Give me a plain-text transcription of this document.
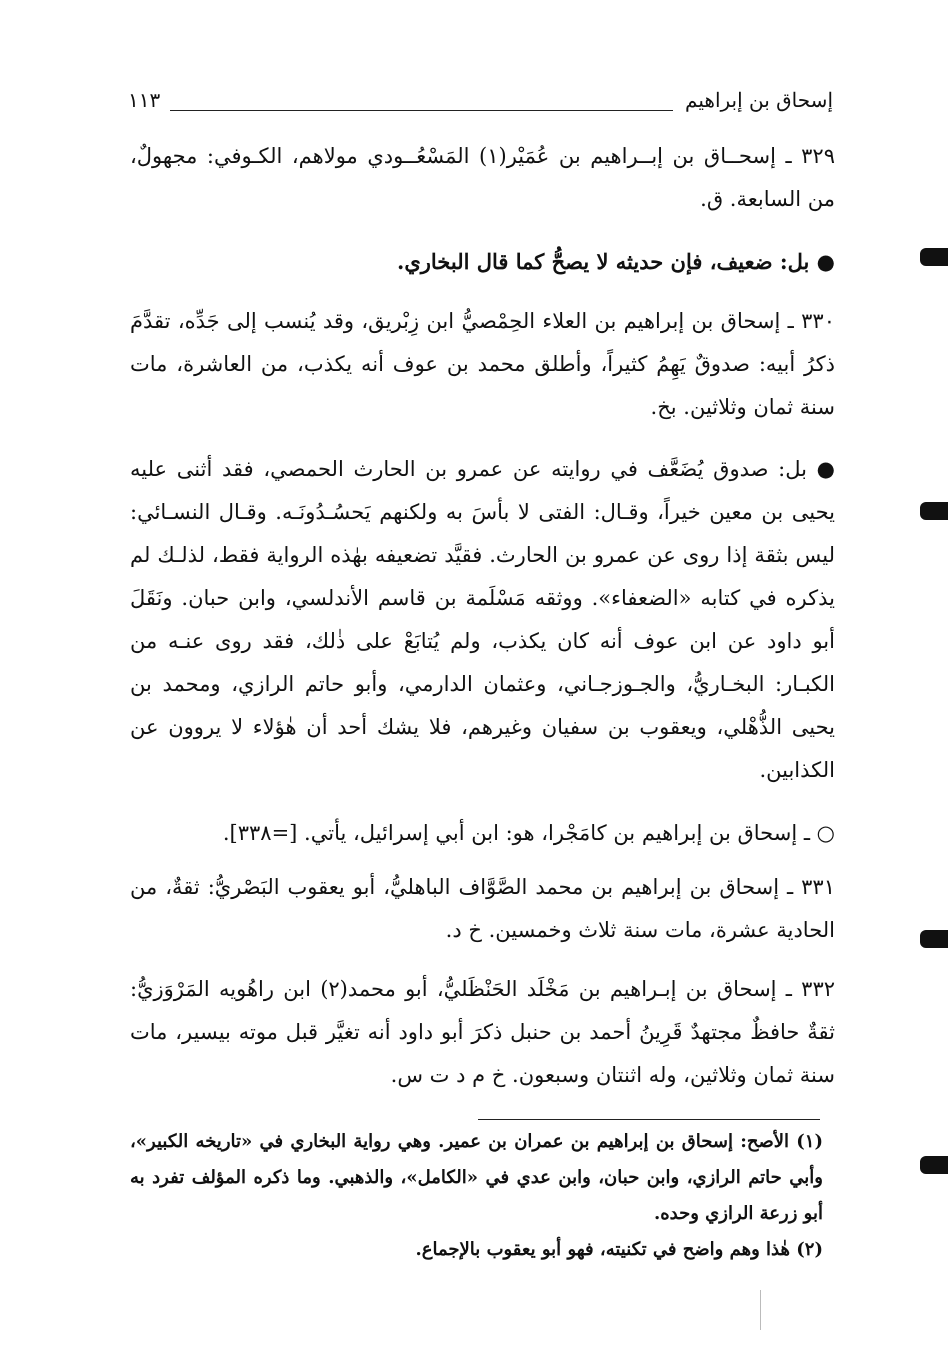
إسحاق بن إبراهيم
١١٣

٣٢٩ ـ إسحــاق بن إبــراهيم بن عُمَيْر(١) المَسْعُــودي مولاهم، الكـوفي: مجهولٌ، من السابعة. ق.

● بل: ضعيف، فإن حديثه لا يصحُّ كما قال البخاري.

٣٣٠ ـ إسحاق بن إبراهيم بن العلاء الحِمْصيُّ ابن زِبْريق، وقد يُنسب إلى جَدِّه، تقدَّمَ ذكرُ أبيه: صدوقٌ يَهِمُ كثيراً، وأطلق محمد بن عوف أنه يكذب، من العاشرة، مات سنة ثمان وثلاثين. بخ.

● بل: صدوق يُضَعَّف في روايته عن عمرو بن الحارث الحمصي، فقد أثنى عليه يحيى بن معين خيراً، وقـال: الفتى لا بأسَ به ولكنهم يَحسُـدُونَـه. وقـال النسـائي: ليس بثقة إذا روى عن عمرو بن الحارث. فقيَّد تضعيفه بهٰذه الرواية فقط، لذلـك لم يذكره في كتابه «الضعفاء». ووثقه مَسْلَمة بن قاسم الأندلسي، وابن حبان. ونَقَلَ أبو داود عن ابن عوف أنه كان يكذب، ولم يُتابَعْ على ذٰلك، فقد روى عنـه من الكبـار: البخـاريُّ، والجـوزجـاني، وعثمان الدارمي، وأبو حاتم الرازي، ومحمد بن يحيى الذُّهْلي، ويعقوب بن سفيان وغيرهم، فلا يشك أحد أن هٰؤلاء لا يروون عن الكذابين.

○ ـ إسحاق بن إبراهيم بن كامَجْرا، هو: ابن أبي إسرائيل، يأتي. [=٣٣٨].

٣٣١ ـ إسحاق بن إبراهيم بن محمد الصَّوَّاف الباهليُّ، أبو يعقوب البَصْريُّ: ثقةٌ، من الحادية عشرة، مات سنة ثلاث وخمسين. خ د.

٣٣٢ ـ إسحاق بن إبـراهيم بن مَخْلَد الحَنْظَليُّ، أبو محمد(٢) ابن راهُويه المَرْوَزيُّ: ثقةٌ حافظٌ مجتهدٌ قَرِينُ أحمد بن حنبل ذكرَ أبو داود أنه تغيَّر قبل موته بيسير، مات سنة ثمان وثلاثين، وله اثنتان وسبعون. خ م د ت س.

(١) الأصح: إسحاق بن إبراهيم بن عمران بن عمير. وهي رواية البخاري في «تاريخه الكبير»، وأبي حاتم الرازي، وابن حبان، وابن عدي في «الكامل»، والذهبي. وما ذكره المؤلف تفرد به أبو زرعة الرازي وحده.

(٢) هٰذا وهم واضح في تكنيته، فهو أبو يعقوب بالإجماع.
